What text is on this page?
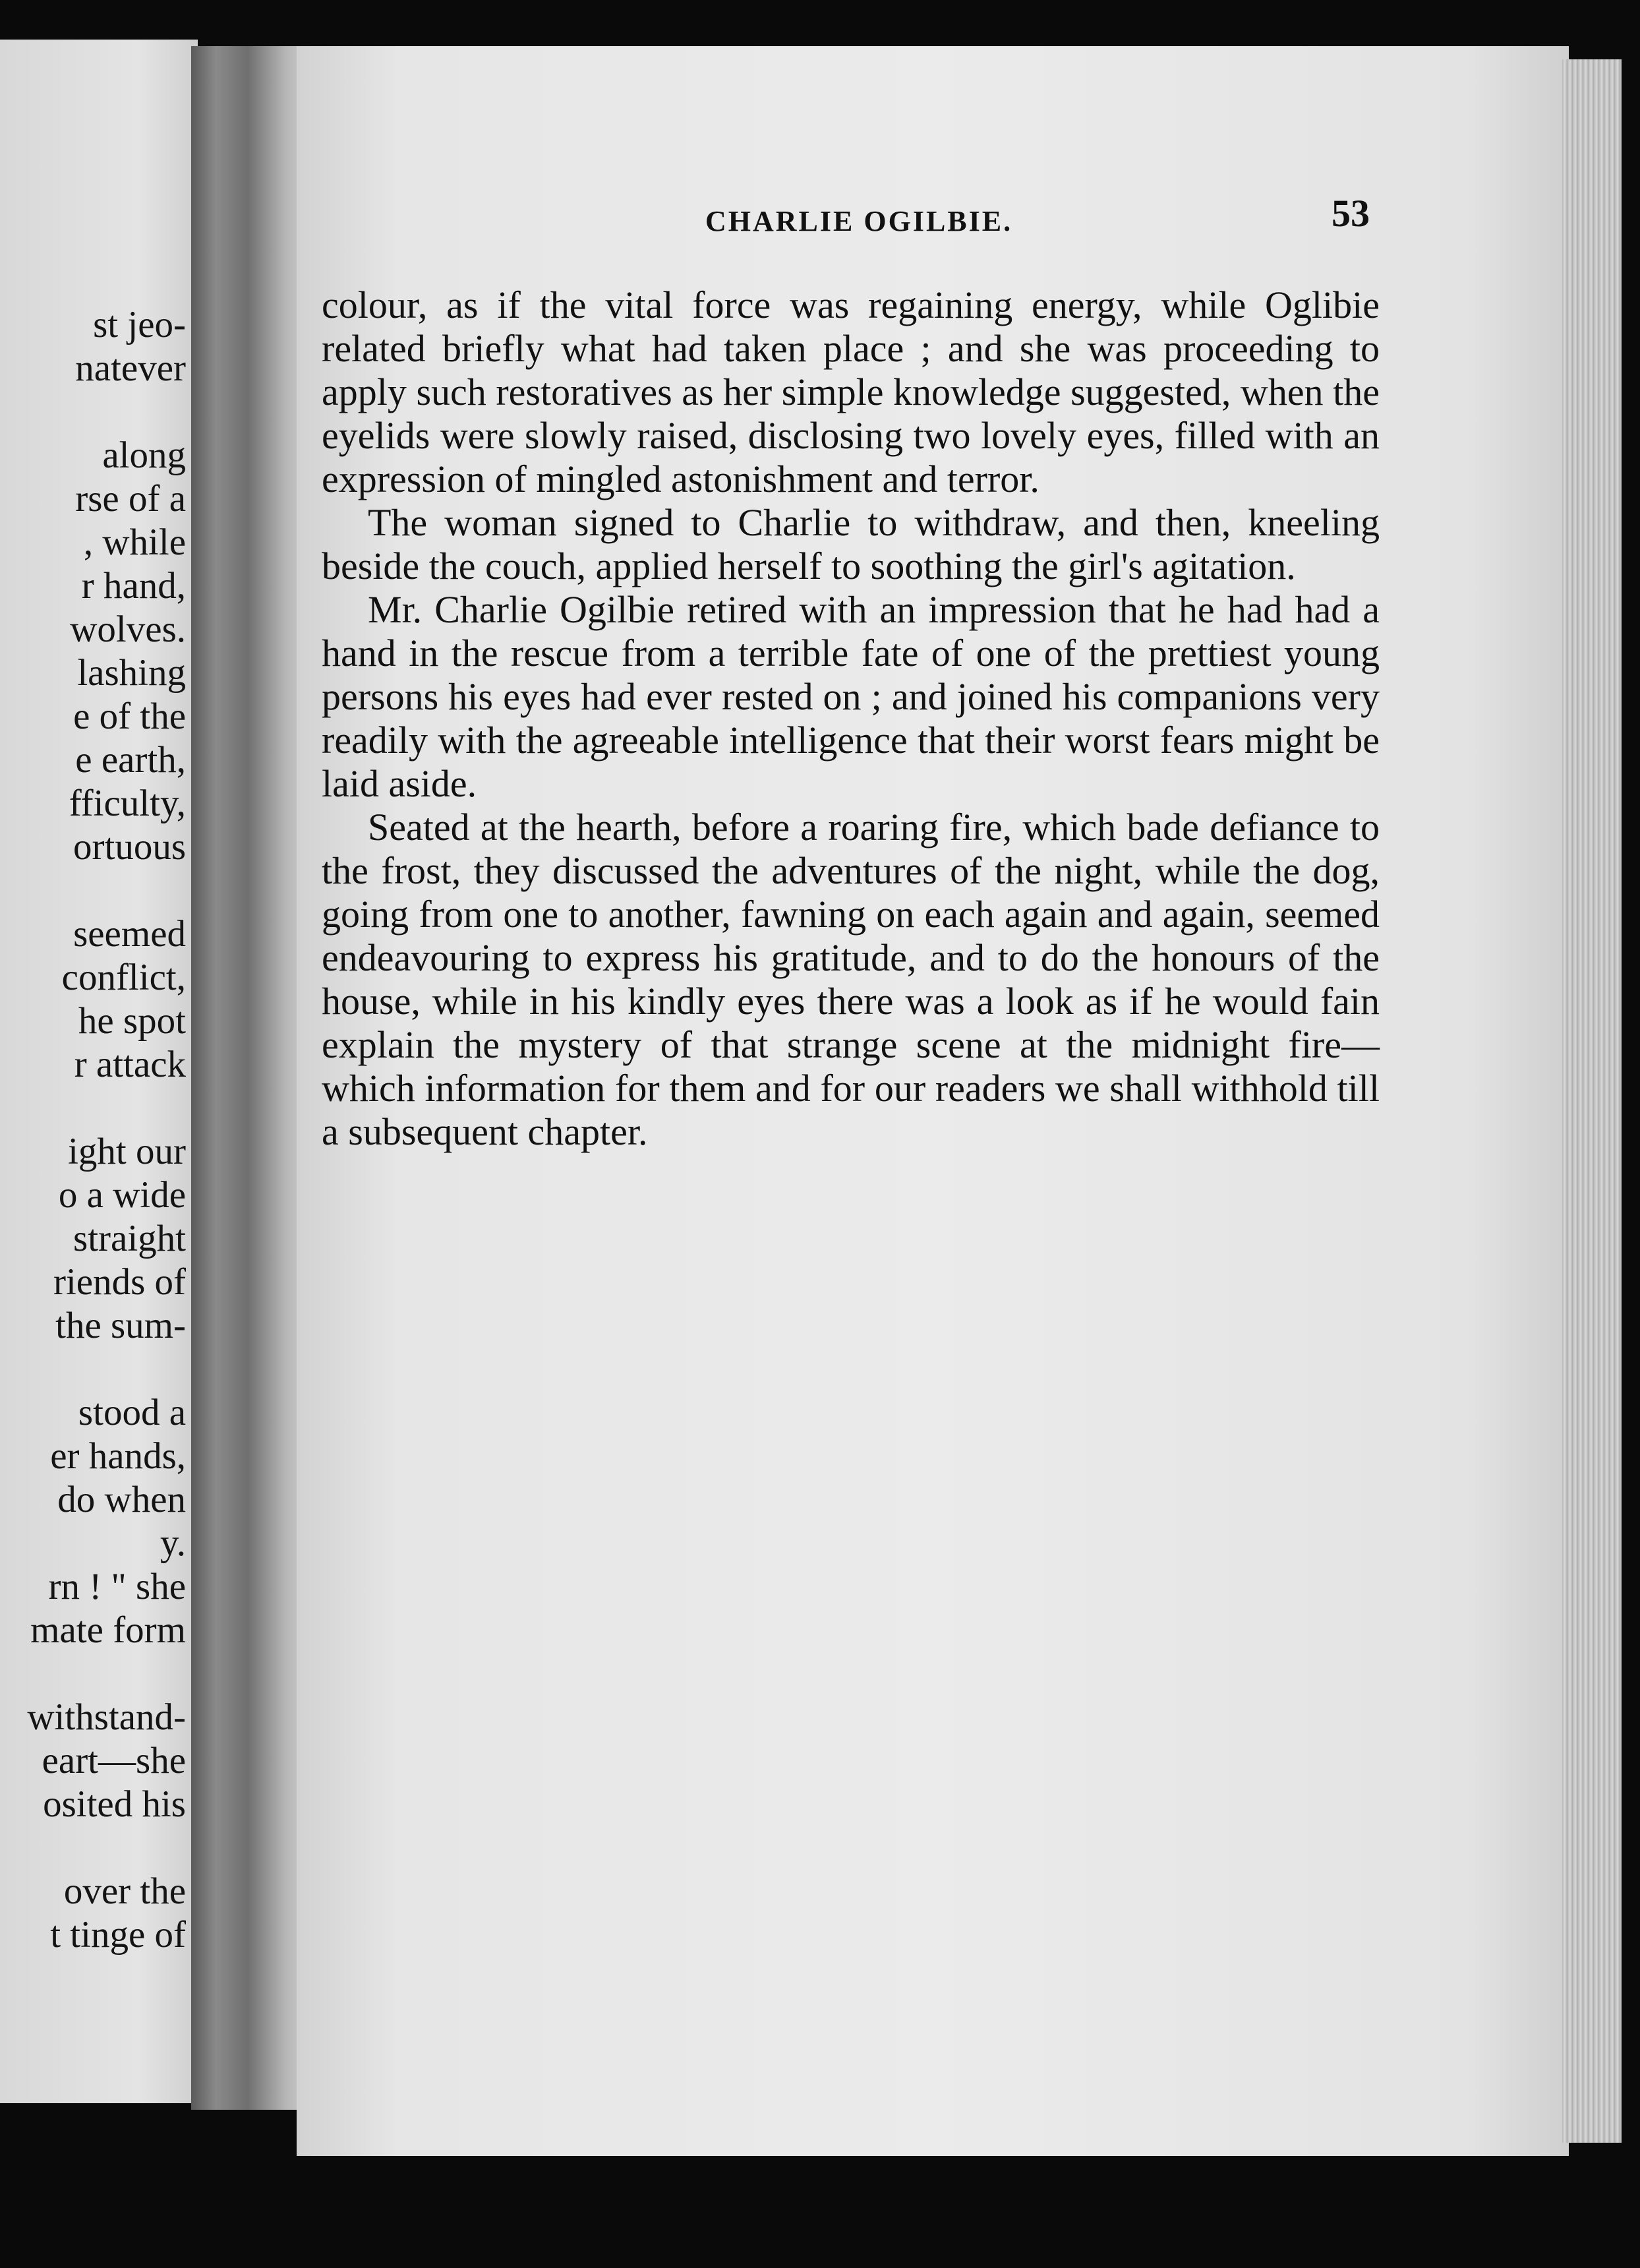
st jeo-
natever
along
rse of a
, while
r hand,
wolves.
lashing
e of the
e earth,
fficulty,
ortuous
seemed
conflict,
he spot
r attack
ight our
o a wide
straight
riends of
the sum-
stood a
er hands,
do when
y.
rn ! " she
mate form
withstand-
eart—she
osited his
over the
t tinge of
CHARLIE OGILBIE.	53

colour, as if the vital force was regaining energy, while Oglibie related briefly what had taken place ; and she was proceeding to apply such restoratives as her simple knowledge suggested, when the eyelids were slowly raised, disclosing two lovely eyes, filled with an expression of mingled astonishment and terror.

The woman signed to Charlie to withdraw, and then, kneeling beside the couch, applied herself to soothing the girl's agitation.

Mr. Charlie Ogilbie retired with an impression that he had had a hand in the rescue from a terrible fate of one of the prettiest young persons his eyes had ever rested on ; and joined his companions very readily with the agreeable intelligence that their worst fears might be laid aside.

Seated at the hearth, before a roaring fire, which bade defiance to the frost, they discussed the adventures of the night, while the dog, going from one to another, fawning on each again and again, seemed endeavouring to express his gratitude, and to do the honours of the house, while in his kindly eyes there was a look as if he would fain explain the mystery of that strange scene at the midnight fire—which information for them and for our readers we shall withhold till a subsequent chapter.
